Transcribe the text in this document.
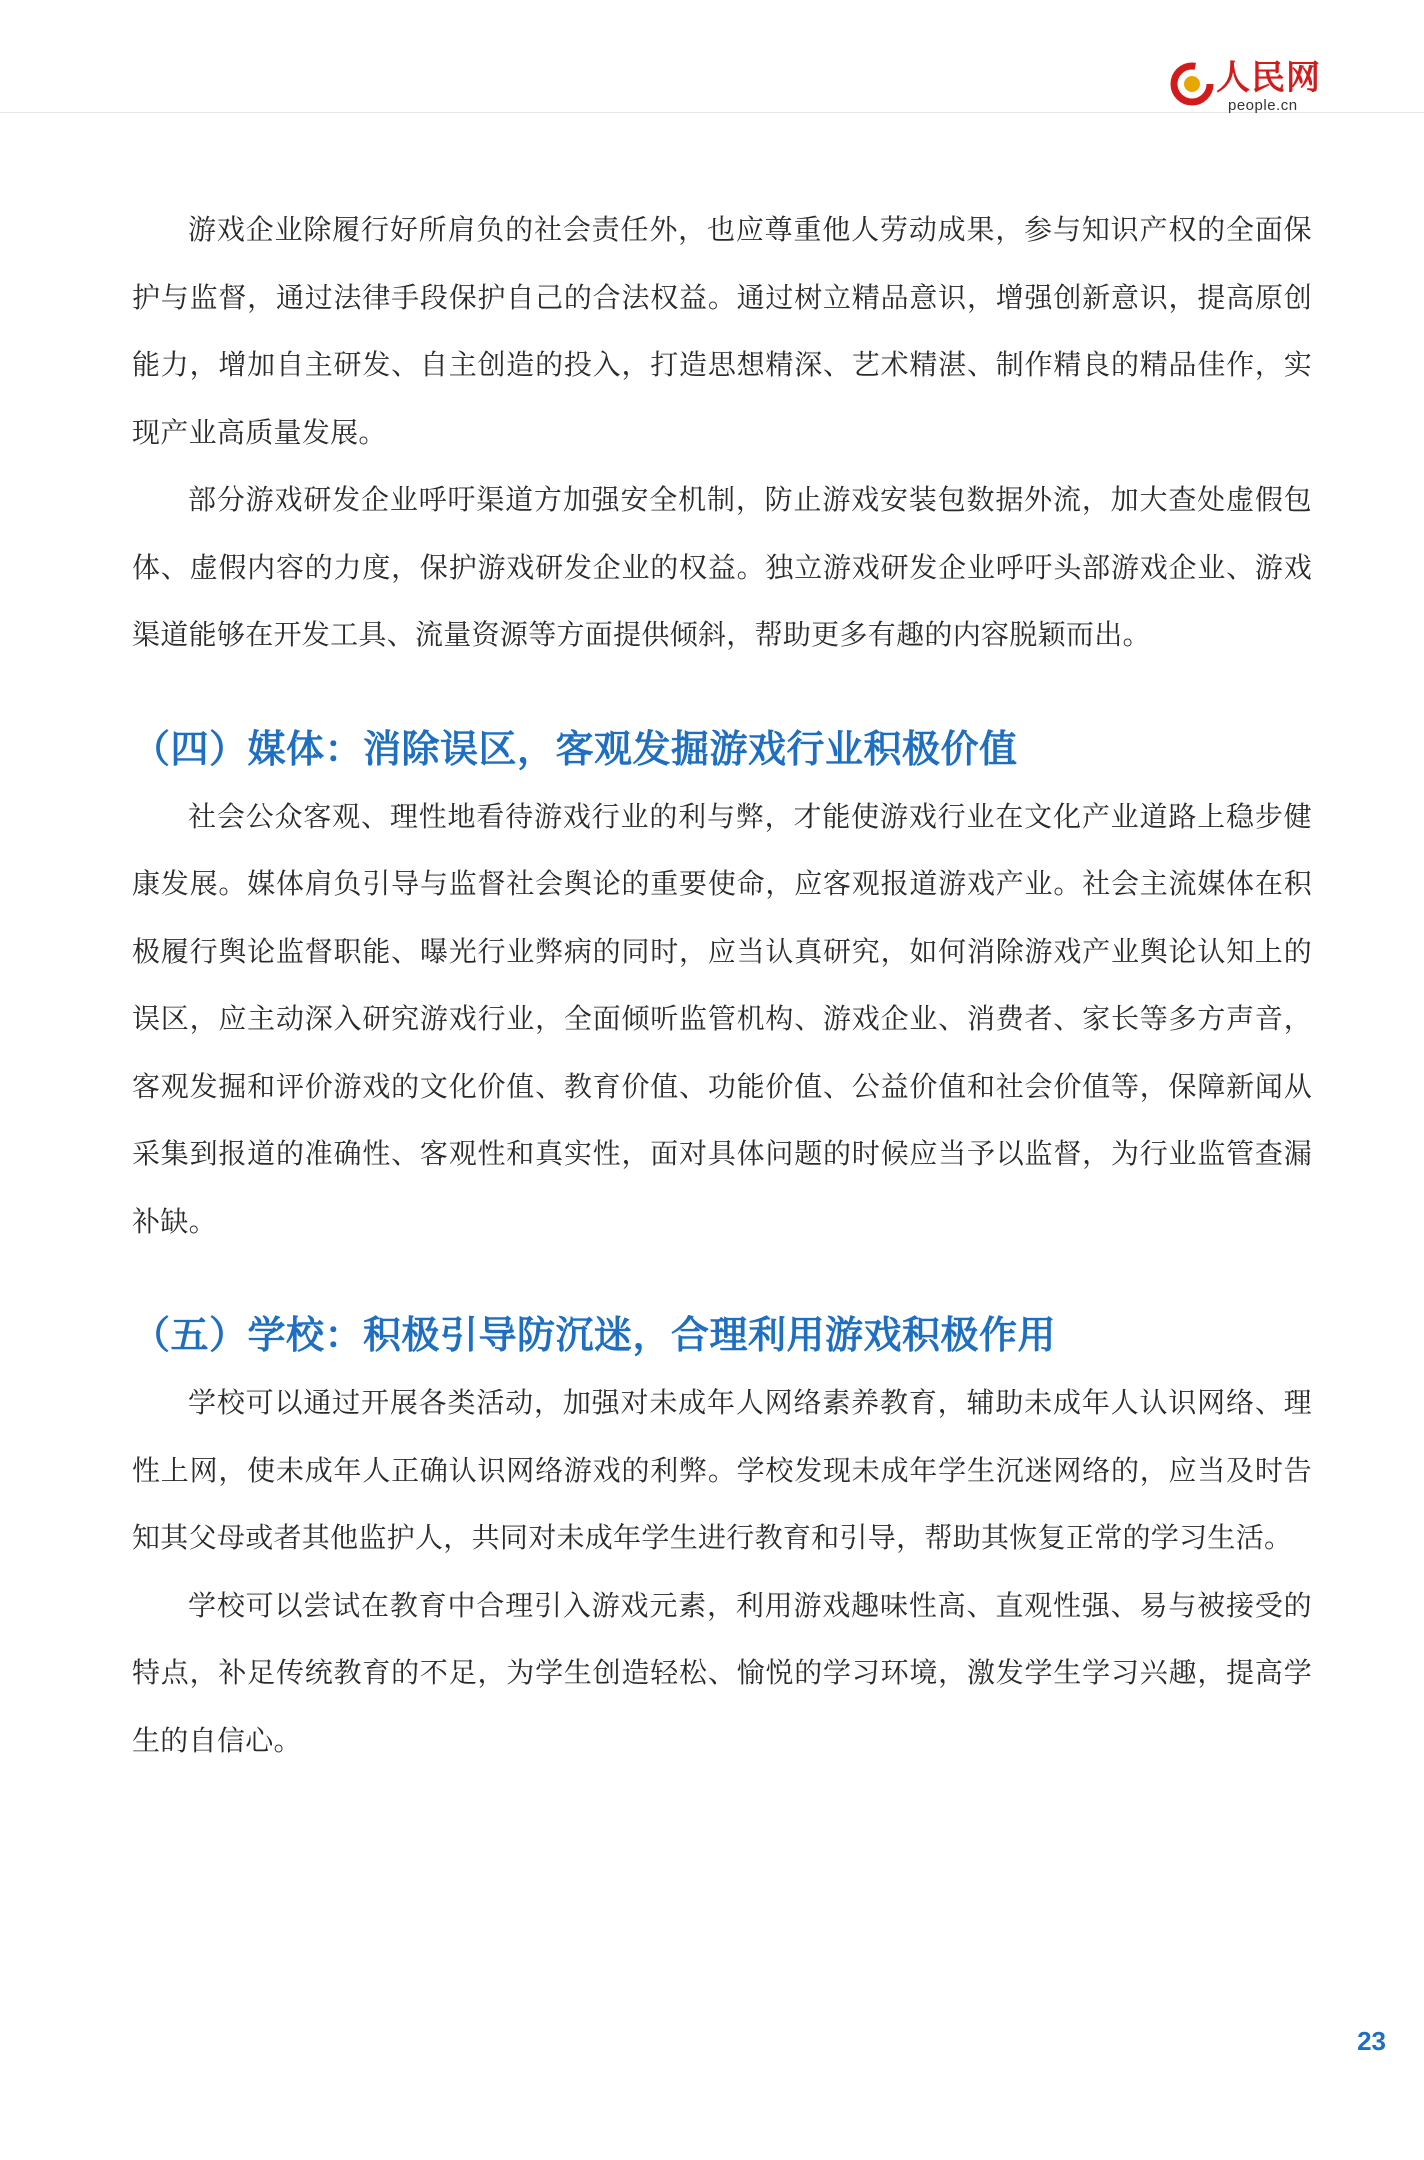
人民网
people.cn

游戏企业除履行好所肩负的社会责任外，也应尊重他人劳动成果，参与知识产权的全面保护与监督，通过法律手段保护自己的合法权益。通过树立精品意识，增强创新意识，提高原创能力，增加自主研发、自主创造的投入，打造思想精深、艺术精湛、制作精良的精品佳作，实现产业高质量发展。

部分游戏研发企业呼吁渠道方加强安全机制，防止游戏安装包数据外流，加大查处虚假包体、虚假内容的力度，保护游戏研发企业的权益。独立游戏研发企业呼吁头部游戏企业、游戏渠道能够在开发工具、流量资源等方面提供倾斜，帮助更多有趣的内容脱颖而出。

（四）媒体：消除误区，客观发掘游戏行业积极价值

社会公众客观、理性地看待游戏行业的利与弊，才能使游戏行业在文化产业道路上稳步健康发展。媒体肩负引导与监督社会舆论的重要使命，应客观报道游戏产业。社会主流媒体在积极履行舆论监督职能、曝光行业弊病的同时，应当认真研究，如何消除游戏产业舆论认知上的误区，应主动深入研究游戏行业，全面倾听监管机构、游戏企业、消费者、家长等多方声音，客观发掘和评价游戏的文化价值、教育价值、功能价值、公益价值和社会价值等，保障新闻从采集到报道的准确性、客观性和真实性，面对具体问题的时候应当予以监督，为行业监管查漏补缺。

（五）学校：积极引导防沉迷，合理利用游戏积极作用

学校可以通过开展各类活动，加强对未成年人网络素养教育，辅助未成年人认识网络、理性上网，使未成年人正确认识网络游戏的利弊。学校发现未成年学生沉迷网络的，应当及时告知其父母或者其他监护人，共同对未成年学生进行教育和引导，帮助其恢复正常的学习生活。

学校可以尝试在教育中合理引入游戏元素，利用游戏趣味性高、直观性强、易与被接受的特点，补足传统教育的不足，为学生创造轻松、愉悦的学习环境，激发学生学习兴趣，提高学生的自信心。

23
